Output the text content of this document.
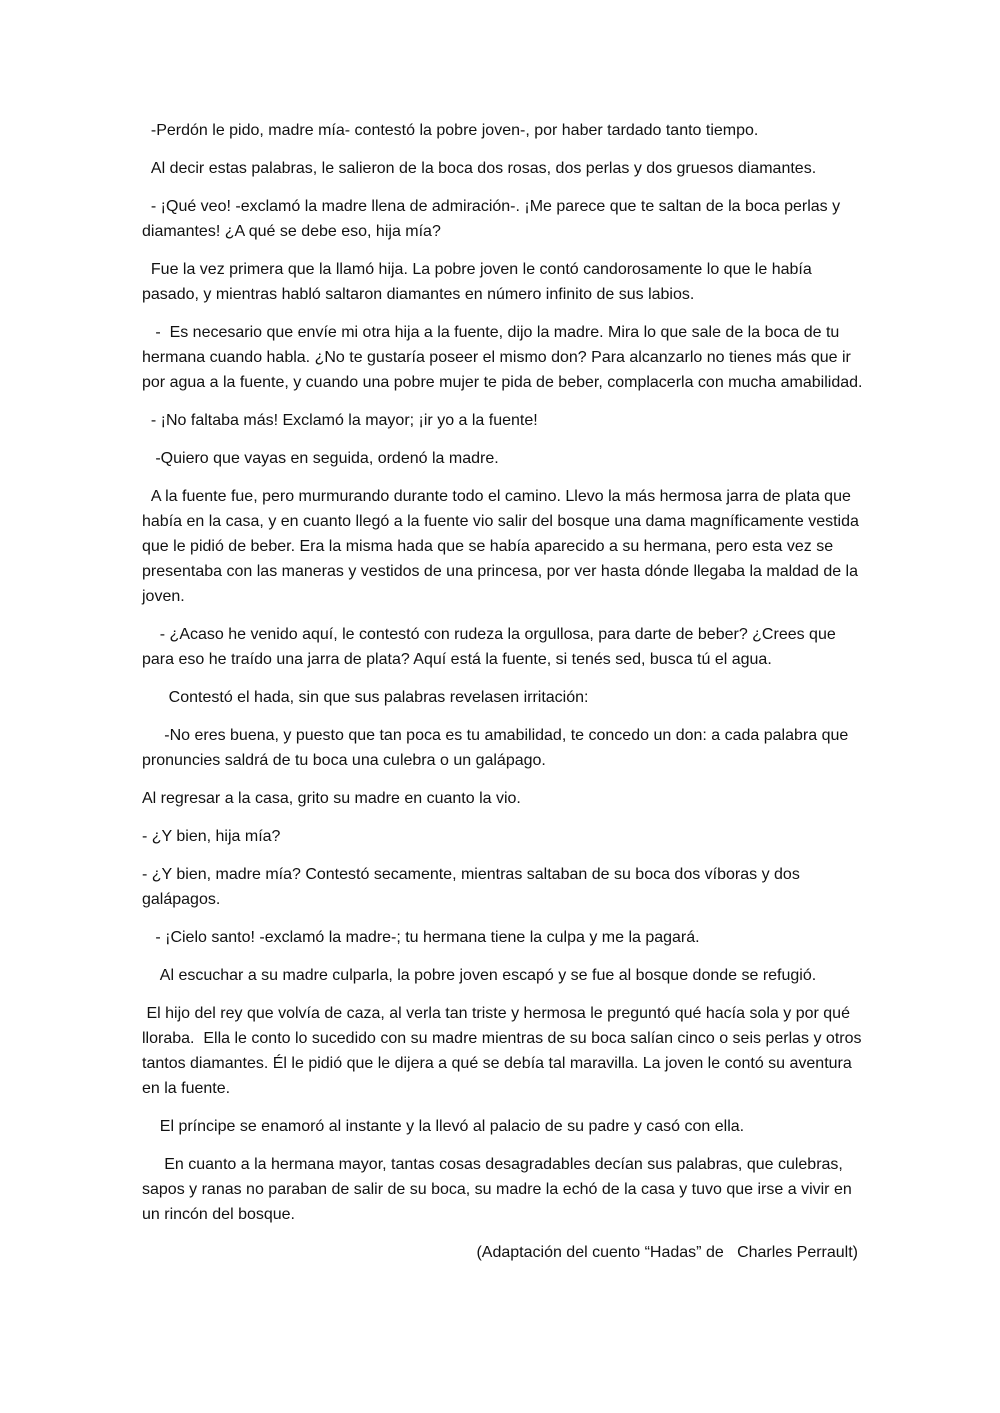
-Perdón le pido, madre mía- contestó la pobre joven-, por haber tardado tanto tiempo.

Al decir estas palabras, le salieron de la boca dos rosas, dos perlas y dos gruesos diamantes.

- ¡Qué veo! -exclamó la madre llena de admiración-. ¡Me parece que te saltan de la boca perlas y diamantes! ¿A qué se debe eso, hija mía?

Fue la vez primera que la llamó hija. La pobre joven le contó candorosamente lo que le había pasado, y mientras habló saltaron diamantes en número infinito de sus labios.

-  Es necesario que envíe mi otra hija a la fuente, dijo la madre. Mira lo que sale de la boca de tu hermana cuando habla. ¿No te gustaría poseer el mismo don? Para alcanzarlo no tienes más que ir por agua a la fuente, y cuando una pobre mujer te pida de beber, complacerla con mucha amabilidad.

- ¡No faltaba más! Exclamó la mayor; ¡ir yo a la fuente!

-Quiero que vayas en seguida, ordenó la madre.

A la fuente fue, pero murmurando durante todo el camino. Llevo la más hermosa jarra de plata que había en la casa, y en cuanto llegó a la fuente vio salir del bosque una dama magníficamente vestida que le pidió de beber. Era la misma hada que se había aparecido a su hermana, pero esta vez se presentaba con las maneras y vestidos de una princesa, por ver hasta dónde llegaba la maldad de la joven.

- ¿Acaso he venido aquí, le contestó con rudeza la orgullosa, para darte de beber? ¿Crees que para eso he traído una jarra de plata? Aquí está la fuente, si tenés sed, busca tú el agua.

Contestó el hada, sin que sus palabras revelasen irritación:

-No eres buena, y puesto que tan poca es tu amabilidad, te concedo un don: a cada palabra que pronuncies saldrá de tu boca una culebra o un galápago.

Al regresar a la casa, grito su madre en cuanto la vio.

- ¿Y bien, hija mía?

- ¿Y bien, madre mía? Contestó secamente, mientras saltaban de su boca dos víboras y dos galápagos.

- ¡Cielo santo! -exclamó la madre-; tu hermana tiene la culpa y me la pagará.

Al escuchar a su madre culparla, la pobre joven escapó y se fue al bosque donde se refugió.

El hijo del rey que volvía de caza, al verla tan triste y hermosa le preguntó qué hacía sola y por qué lloraba.  Ella le conto lo sucedido con su madre mientras de su boca salían cinco o seis perlas y otros tantos diamantes. Él le pidió que le dijera a qué se debía tal maravilla. La joven le contó su aventura en la fuente.

El príncipe se enamoró al instante y la llevó al palacio de su padre y casó con ella.

En cuanto a la hermana mayor, tantas cosas desagradables decían sus palabras, que culebras, sapos y ranas no paraban de salir de su boca, su madre la echó de la casa y tuvo que irse a vivir en un rincón del bosque.

(Adaptación del cuento “Hadas” de   Charles Perrault)
